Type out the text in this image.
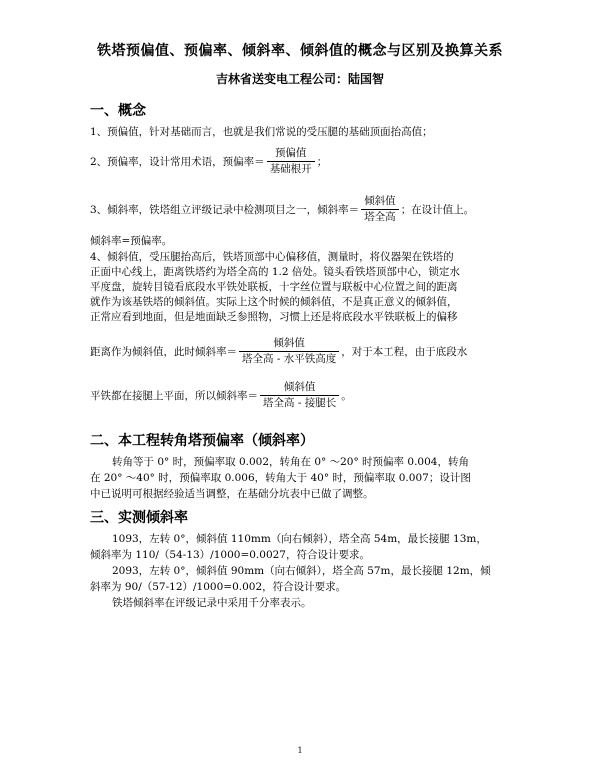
铁塔预偏值、预偏率、倾斜率、倾斜值的概念与区别及换算关系
吉林省送变电工程公司：陆国智
一、概念
1、预偏值，针对基础而言，也就是我们常说的受压腿的基础顶面抬高值；
2、预偏率，设计常用术语，预偏率＝ $\frac{\text{预偏值}}{\text{基础根开}}$ ；
3、倾斜率，铁塔组立评级记录中检测项目之一，倾斜率＝ $\frac{\text{倾斜值}}{\text{塔全高}}$ ；在设计值上。
倾斜率=预偏率。
4、倾斜值，受压腿抬高后，铁塔顶部中心偏移值，测量时，将仪器架在铁塔的
正面中心线上，距离铁塔约为塔全高的 1.2 倍处。镜头看铁塔顶部中心，锁定水
平度盘，旋转目镜看底段水平铁处联板，十字丝位置与联板中心位置之间的距离
就作为该基铁塔的倾斜值。实际上这个时候的倾斜值，不是真正意义的倾斜值，
正常应看到地面，但是地面缺乏参照物，习惯上还是将底段水平铁联板上的偏移
距离作为倾斜值，此时倾斜率＝ $\frac{\text{倾斜值}}{\text{塔全高 - 水平铁高度}}$ ，对于本工程，由于底段水
平铁都在接腿上平面，所以倾斜率＝ $\frac{\text{倾斜值}}{\text{塔全高 - 接腿长}}$ 。
二、本工程转角塔预偏率（倾斜率）
转角等于 0° 时，预偏率取 0.002，转角在 0° ～20° 时预偏率 0.004，转角
在 20° ～40° 时，预偏率取 0.006，转角大于 40° 时，预偏率取 0.007；设计图
中已说明可根据经验适当调整，在基础分坑表中已做了调整。
三、实测倾斜率
1093，左转 0°，倾斜值 110mm（向右倾斜），塔全高 54m，最长接腿 13m，
倾斜率为 110/（54-13）/1000=0.0027，符合设计要求。
2093，左转 0°，倾斜值 90mm（向右倾斜），塔全高 57m，最长接腿 12m，倾
斜率为 90/（57-12）/1000=0.002，符合设计要求。
铁塔倾斜率在评级记录中采用千分率表示。
1
